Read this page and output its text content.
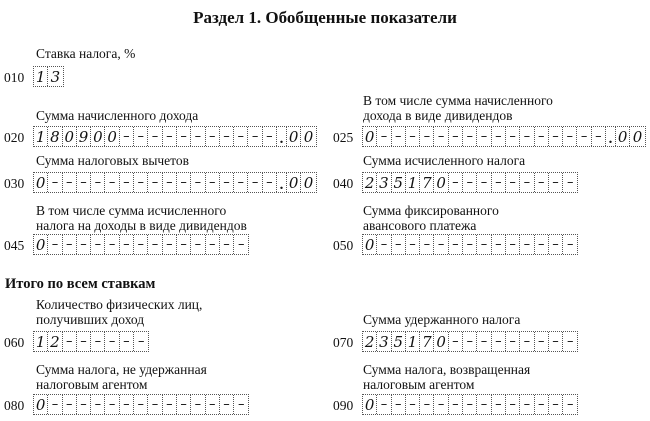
Раздел 1. Обобщенные показатели
Итого по всем ставкам
Ставка налога, %
010 1 3
Сумма начисленного дохода
020 1 8 0 9 0 0 – – – – – – – – – – – . 0 0
В том числе сумма начисленного
дохода в виде дивидендов
025 0 – – – – – – – – – – – – – – – – . 0 0
Сумма налоговых вычетов
030 0 – – – – – – – – – – – – – – – – . 0 0
Сумма исчисленного налога
040 2 3 5 1 7 0 – – – – – – – – –
В том числе сумма исчисленного
налога на доходы в виде дивидендов
045 0 – – – – – – – – – – – – – –
Сумма фиксированного
авансового платежа
050 0 – – – – – – – – – – – – – –
Количество физических лиц,
получивших доход
060 1 2 – – – – – –
Сумма удержанного налога
070 2 3 5 1 7 0 – – – – – – – – –
Сумма налога, не удержанная
налоговым агентом
080 0 – – – – – – – – – – – – – –
Сумма налога, возвращенная
налоговым агентом
090 0 – – – – – – – – – – – – – –
